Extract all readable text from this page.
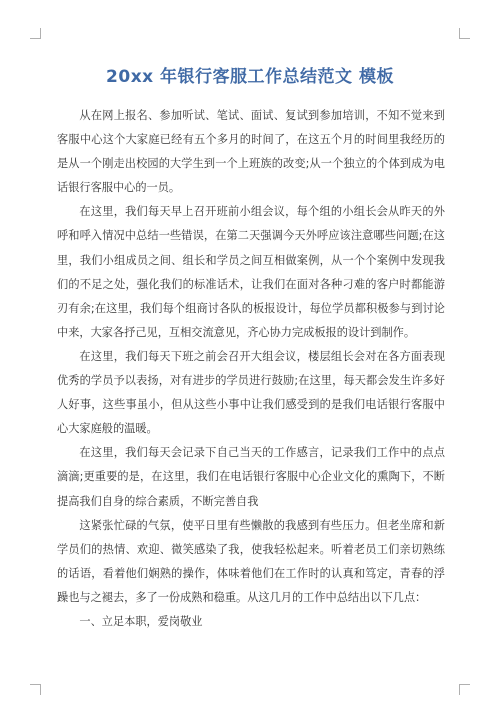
20xx 年银行客服工作总结范文 模板

从在网上报名、参加听试、笔试、面试、复试到参加培训，不知不觉来到客服中心这个大家庭已经有五个多月的时间了，在这五个月的时间里我经历的是从一个刚走出校园的大学生到一个上班族的改变;从一个独立的个体到成为电话银行客服中心的一员。

在这里，我们每天早上召开班前小组会议，每个组的小组长会从昨天的外呼和呼入情况中总结一些错误，在第二天强调今天外呼应该注意哪些问题;在这里，我们小组成员之间、组长和学员之间互相做案例，从一个个案例中发现我们的不足之处，强化我们的标准话术，让我们在面对各种刁难的客户时都能游刃有余;在这里，我们每个组商讨各队的板报设计，每位学员都积极参与到讨论中来，大家各抒己见，互相交流意见，齐心协力完成板报的设计到制作。

在这里，我们每天下班之前会召开大组会议，楼层组长会对在各方面表现优秀的学员予以表扬，对有进步的学员进行鼓励;在这里，每天都会发生许多好人好事，这些事虽小，但从这些小事中让我们感受到的是我们电话银行客服中心大家庭般的温暖。

在这里，我们每天会记录下自己当天的工作感言，记录我们工作中的点点滴滴;更重要的是，在这里，我们在电话银行客服中心企业文化的熏陶下，不断提高我们自身的综合素质，不断完善自我

这紧张忙碌的气氛，使平日里有些懒散的我感到有些压力。但老坐席和新学员们的热情、欢迎、微笑感染了我，使我轻松起来。听着老员工们亲切熟练的话语，看着他们娴熟的操作，体味着他们在工作时的认真和笃定，青春的浮躁也与之褪去，多了一份成熟和稳重。从这几月的工作中总结出以下几点：

一、立足本职，爱岗敬业
